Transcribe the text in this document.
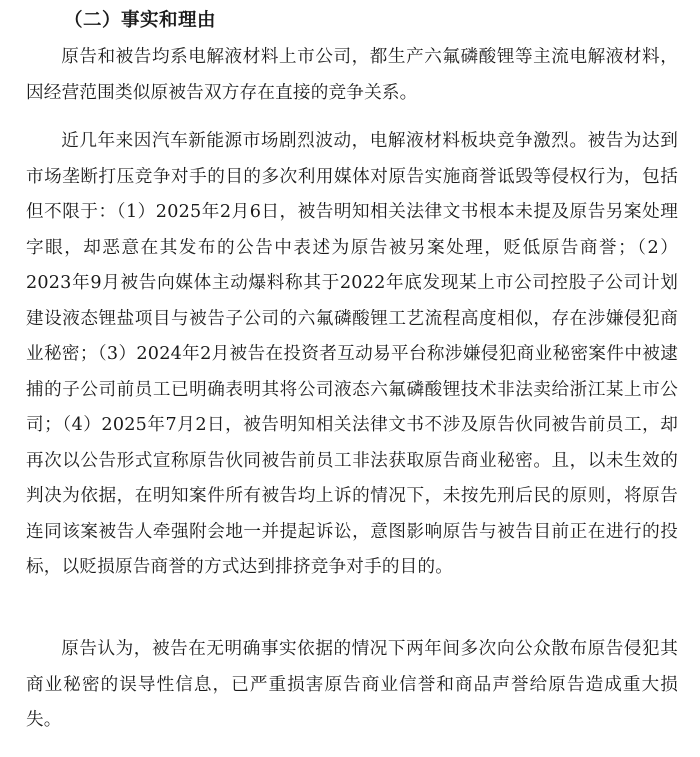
（二）事实和理由

原告和被告均系电解液材料上市公司，都生产六氟磷酸锂等主流电解液材料，因经营范围类似原被告双方存在直接的竞争关系。

近几年来因汽车新能源市场剧烈波动，电解液材料板块竞争激烈。被告为达到市场垄断打压竞争对手的目的多次利用媒体对原告实施商誉诋毁等侵权行为，包括但不限于：（1）2025年2月6日，被告明知相关法律文书根本未提及原告另案处理字眼，却恶意在其发布的公告中表述为原告被另案处理，贬低原告商誉；（2）2023年9月被告向媒体主动爆料称其于2022年底发现某上市公司控股子公司计划建设液态锂盐项目与被告子公司的六氟磷酸锂工艺流程高度相似，存在涉嫌侵犯商业秘密；（3）2024年2月被告在投资者互动易平台称涉嫌侵犯商业秘密案件中被逮捕的子公司前员工已明确表明其将公司液态六氟磷酸锂技术非法卖给浙江某上市公司；（4）2025年7月2日，被告明知相关法律文书不涉及原告伙同被告前员工，却再次以公告形式宣称原告伙同被告前员工非法获取原告商业秘密。且，以未生效的判决为依据，在明知案件所有被告均上诉的情况下，未按先刑后民的原则，将原告连同该案被告人牵强附会地一并提起诉讼，意图影响原告与被告目前正在进行的投标，以贬损原告商誉的方式达到排挤竞争对手的目的。

原告认为，被告在无明确事实依据的情况下两年间多次向公众散布原告侵犯其商业秘密的误导性信息，已严重损害原告商业信誉和商品声誉给原告造成重大损失。
